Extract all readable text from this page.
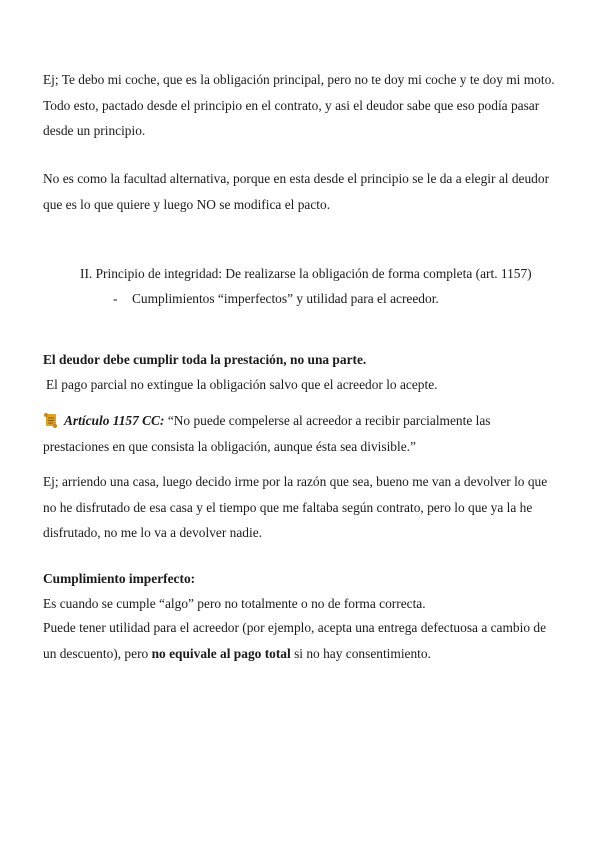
Ej; Te debo mi coche, que es la obligación principal, pero no te doy mi coche y te doy mi moto. Todo esto, pactado desde el principio en el contrato, y asi el deudor sabe que eso podía pasar desde un principio.

No es como la facultad alternativa, porque en esta desde el principio se le da a elegir al deudor que es lo que quiere y luego NO se modifica el pacto.

II. Principio de integridad: De realizarse la obligación de forma completa (art. 1157)

- Cumplimientos “imperfectos” y utilidad para el acreedor.

El deudor debe cumplir toda la prestación, no una parte.

El pago parcial no extingue la obligación salvo que el acreedor lo acepte.

Artículo 1157 CC: “No puede compelerse al acreedor a recibir parcialmente las prestaciones en que consista la obligación, aunque ésta sea divisible.”

Ej; arriendo una casa, luego decido irme por la razón que sea, bueno me van a devolver lo que no he disfrutado de esa casa y el tiempo que me faltaba según contrato, pero lo que ya la he disfrutado, no me lo va a devolver nadie.

Cumplimiento imperfecto:

Es cuando se cumple “algo” pero no totalmente o no de forma correcta.

Puede tener utilidad para el acreedor (por ejemplo, acepta una entrega defectuosa a cambio de un descuento), pero no equivale al pago total si no hay consentimiento.
